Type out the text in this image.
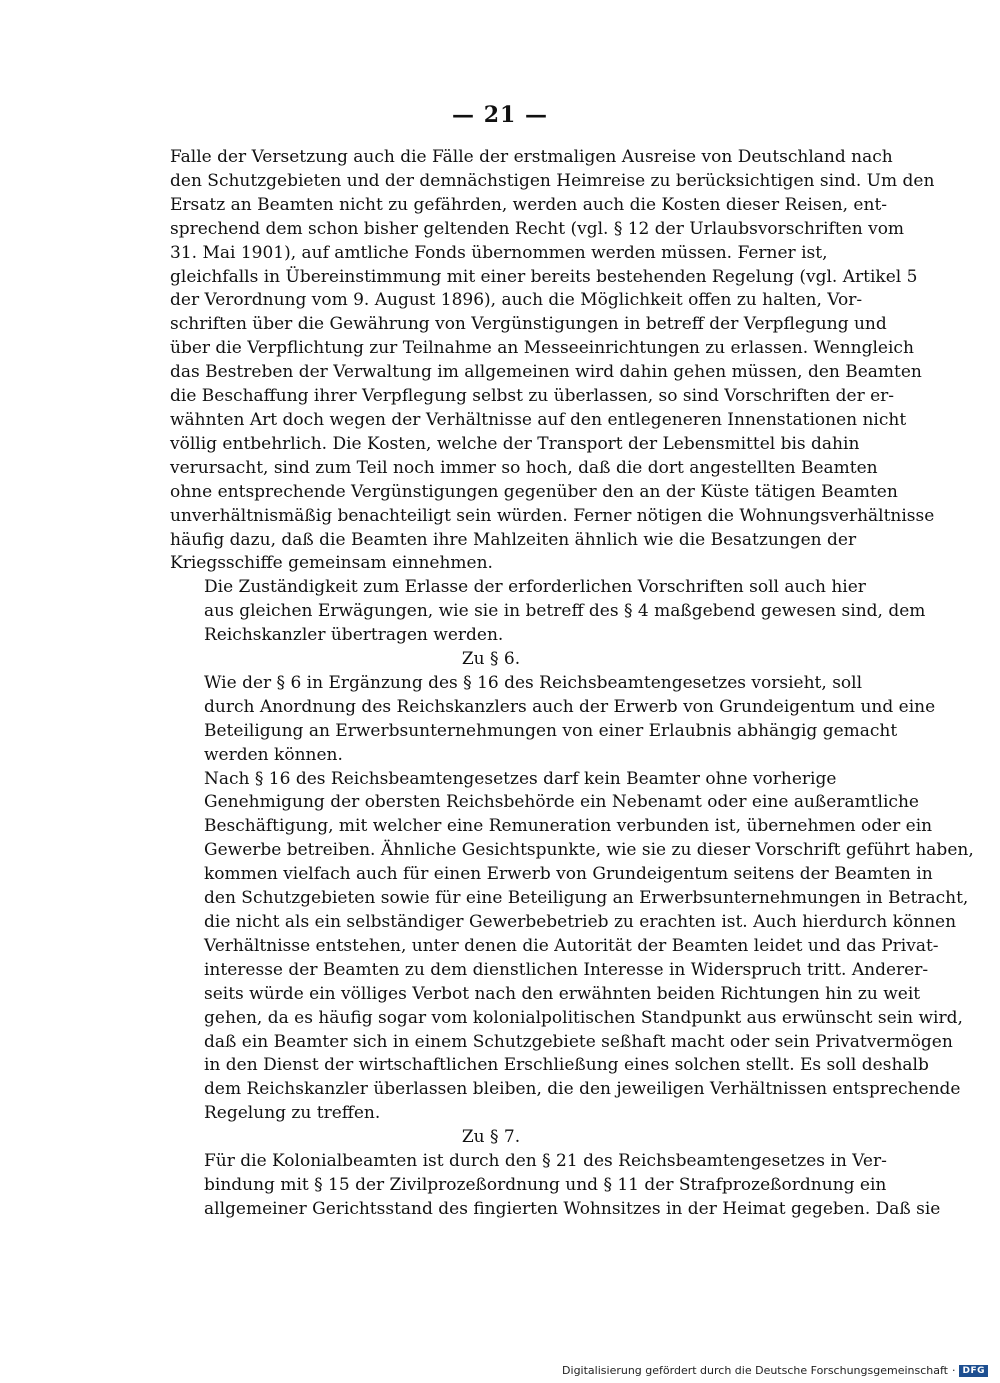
— 21 —

Falle der Versetzung auch die Fälle der erstmaligen Ausreise von Deutschland nach
den Schutzgebieten und der demnächstigen Heimreise zu berücksichtigen sind. Um den
Ersatz an Beamten nicht zu gefährden, werden auch die Kosten dieser Reisen, ent-
sprechend dem schon bisher geltenden Recht (vgl. § 12 der Urlaubsvorschriften vom
31. Mai 1901), auf amtliche Fonds übernommen werden müssen. Ferner ist,
gleichfalls in Übereinstimmung mit einer bereits bestehenden Regelung (vgl. Artikel 5
der Verordnung vom 9. August 1896), auch die Möglichkeit offen zu halten, Vor-
schriften über die Gewährung von Vergünstigungen in betreff der Verpflegung und
über die Verpflichtung zur Teilnahme an Messeeinrichtungen zu erlassen. Wenngleich
das Bestreben der Verwaltung im allgemeinen wird dahin gehen müssen, den Beamten
die Beschaffung ihrer Verpflegung selbst zu überlassen, so sind Vorschriften der er-
wähnten Art doch wegen der Verhältnisse auf den entlegeneren Innenstationen nicht
völlig entbehrlich. Die Kosten, welche der Transport der Lebensmittel bis dahin
verursacht, sind zum Teil noch immer so hoch, daß die dort angestellten Beamten
ohne entsprechende Vergünstigungen gegenüber den an der Küste tätigen Beamten
unverhältnismäßig benachteiligt sein würden. Ferner nötigen die Wohnungsverhältnisse
häufig dazu, daß die Beamten ihre Mahlzeiten ähnlich wie die Besatzungen der
Kriegsschiffe gemeinsam einnehmen.

Die Zuständigkeit zum Erlasse der erforderlichen Vorschriften soll auch hier
aus gleichen Erwägungen, wie sie in betreff des § 4 maßgebend gewesen sind, dem
Reichskanzler übertragen werden.

Zu § 6.

Wie der § 6 in Ergänzung des § 16 des Reichsbeamtengesetzes vorsieht, soll
durch Anordnung des Reichskanzlers auch der Erwerb von Grundeigentum und eine
Beteiligung an Erwerbsunternehmungen von einer Erlaubnis abhängig gemacht
werden können.

Nach § 16 des Reichsbeamtengesetzes darf kein Beamter ohne vorherige
Genehmigung der obersten Reichsbehörde ein Nebenamt oder eine außeramtliche
Beschäftigung, mit welcher eine Remuneration verbunden ist, übernehmen oder ein
Gewerbe betreiben. Ähnliche Gesichtspunkte, wie sie zu dieser Vorschrift geführt haben,
kommen vielfach auch für einen Erwerb von Grundeigentum seitens der Beamten in
den Schutzgebieten sowie für eine Beteiligung an Erwerbsunternehmungen in Betracht,
die nicht als ein selbständiger Gewerbebetrieb zu erachten ist. Auch hierdurch können
Verhältnisse entstehen, unter denen die Autorität der Beamten leidet und das Privat-
interesse der Beamten zu dem dienstlichen Interesse in Widerspruch tritt. Anderer-
seits würde ein völliges Verbot nach den erwähnten beiden Richtungen hin zu weit
gehen, da es häufig sogar vom kolonialpolitischen Standpunkt aus erwünscht sein wird,
daß ein Beamter sich in einem Schutzgebiete seßhaft macht oder sein Privatvermögen
in den Dienst der wirtschaftlichen Erschließung eines solchen stellt. Es soll deshalb
dem Reichskanzler überlassen bleiben, die den jeweiligen Verhältnissen entsprechende
Regelung zu treffen.

Zu § 7.

Für die Kolonialbeamten ist durch den § 21 des Reichsbeamtengesetzes in Ver-
bindung mit § 15 der Zivilprozeßordnung und § 11 der Strafprozeßordnung ein
allgemeiner Gerichtsstand des fingierten Wohnsitzes in der Heimat gegeben. Daß sie

Digitalisierung gefördert durch die Deutsche Forschungsgemeinschaft · DFG
